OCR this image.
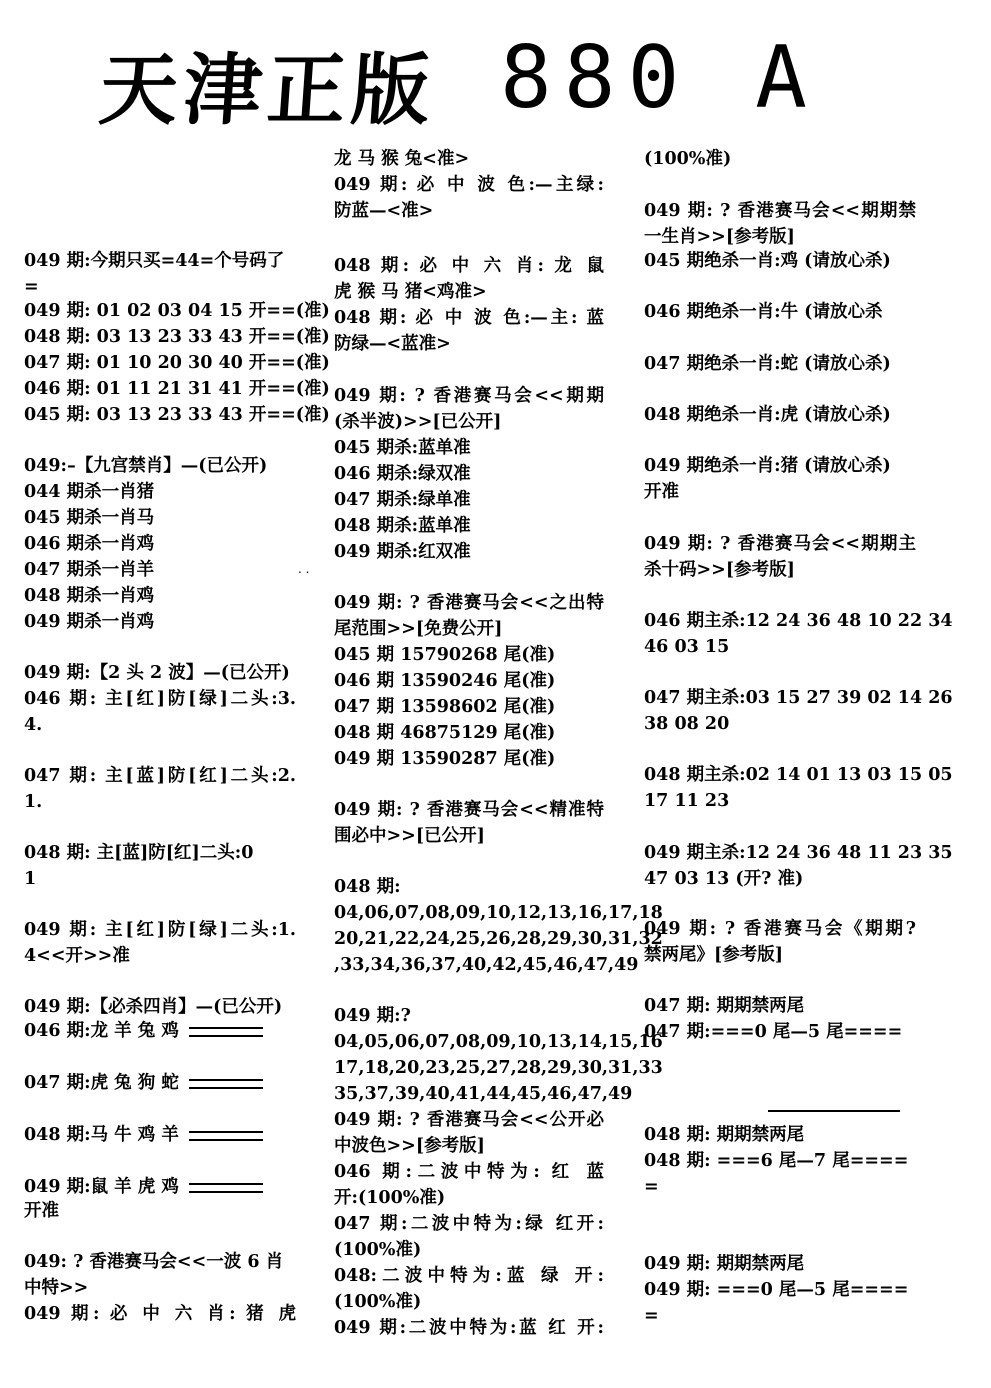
天津正版 880 A
049 期:今期只买=44=个号码了
=
049 期: 01 02 03 04 15 开==(准)
048 期: 03 13 23 33 43 开==(准)
047 期: 01 10 20 30 40 开==(准)
046 期: 01 11 21 31 41 开==(准)
045 期: 03 13 23 33 43 开==(准)
049:–【九宫禁肖】—(已公开)
044 期杀一肖猪
045 期杀一肖马
046 期杀一肖鸡
047 期杀一肖羊
048 期杀一肖鸡
049 期杀一肖鸡
049 期:【2 头 2 波】—(已公开)
046 期: 主[红]防[绿]二头:3.
4.
047 期: 主[蓝]防[红]二头:2.
1.
048 期: 主[蓝]防[红]二头:0
1
049 期: 主[红]防[绿]二头:1.
4<<开>>准
049 期:【必杀四肖】—(已公开)
046 期:龙 羊 兔 鸡
047 期:虎 兔 狗 蛇
048 期:马 牛 鸡 羊
049 期:鼠 羊 虎 鸡
开准
049: ? 香港赛马会<<一波 6 肖
中特>>
049 期: 必 中 六 肖: 猪 虎
龙 马 猴 兔<准>
049 期: 必 中 波 色:—主绿:
防蓝—<准>
048 期: 必 中 六 肖: 龙 鼠
虎 猴 马 猪<鸡准>
048 期: 必 中 波 色:—主: 蓝
防绿—<蓝准>
049 期: ? 香港赛马会<<期期
(杀半波)>>[已公开]
045 期杀:蓝单准
046 期杀:绿双准
047 期杀:绿单准
048 期杀:蓝单准
049 期杀:红双准
049 期: ? 香港赛马会<<之出特
尾范围>>[免费公开]
045 期 15790268 尾(准)
046 期 13590246 尾(准)
047 期 13598602 尾(准)
048 期 46875129 尾(准)
049 期 13590287 尾(准)
049 期: ? 香港赛马会<<精准特
围必中>>[已公开]
048 期:
04,06,07,08,09,10,12,13,16,17,18
20,21,22,24,25,26,28,29,30,31,32
,33,34,36,37,40,42,45,46,47,49
049 期:?
04,05,06,07,08,09,10,13,14,15,16
17,18,20,23,25,27,28,29,30,31,33
35,37,39,40,41,44,45,46,47,49
049 期: ? 香港赛马会<<公开必
中波色>>[参考版]
046 期:二波中特为: 红 蓝
开:(100%准)
047 期:二波中特为:绿 红开:
(100%准)
048:二波中特为:蓝 绿 开:
(100%准)
049 期:二波中特为:蓝 红 开:
(100%准)
049 期: ? 香港赛马会<<期期禁
一生肖>>[参考版]
045 期绝杀一肖:鸡 (请放心杀)
046 期绝杀一肖:牛 (请放心杀
047 期绝杀一肖:蛇 (请放心杀)
048 期绝杀一肖:虎 (请放心杀)
049 期绝杀一肖:猪 (请放心杀)
开准
049 期: ? 香港赛马会<<期期主
杀十码>>[参考版]
046 期主杀:12 24 36 48 10 22 34
46 03 15
047 期主杀:03 15 27 39 02 14 26
38 08 20
048 期主杀:02 14 01 13 03 15 05
17 11 23
049 期主杀:12 24 36 48 11 23 35
47 03 13 (开? 准)
049 期: ? 香港赛马会《期期?
禁两尾》[参考版]
047 期: 期期禁两尾
047 期:===0 尾—5 尾====
048 期: 期期禁两尾
048 期: ===6 尾—7 尾====
=
049 期: 期期禁两尾
049 期: ===0 尾—5 尾====
=
. .
